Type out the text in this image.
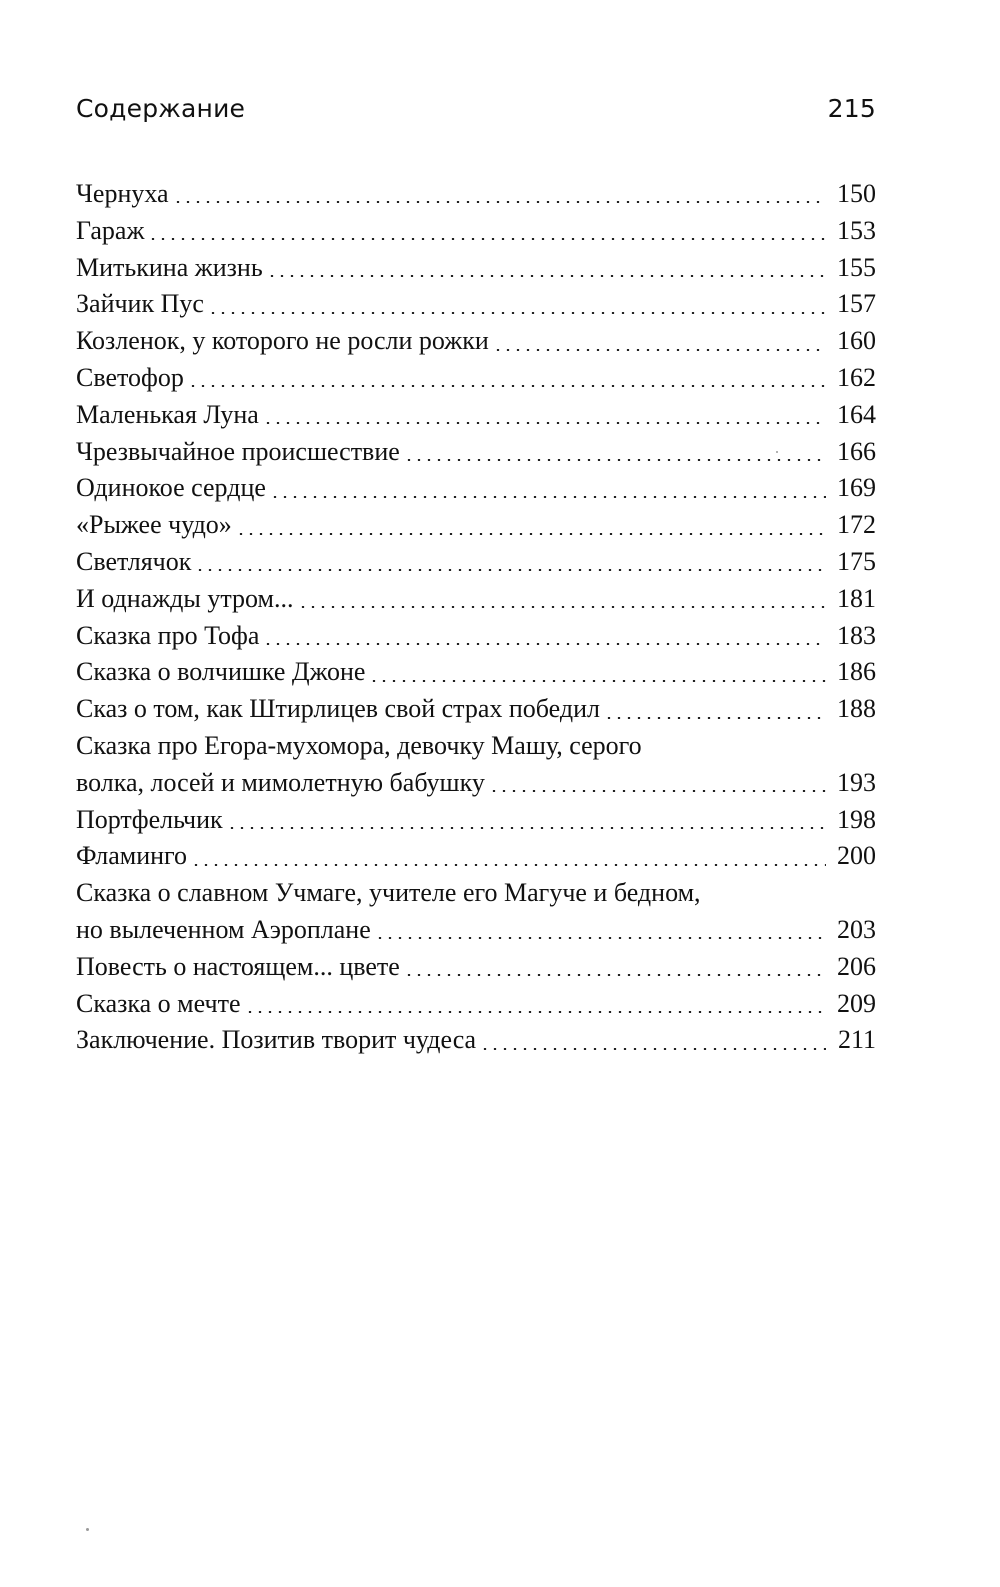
Содержание	215
Чернуха	150
Гараж	153
Митькина жизнь	155
Зайчик Пус	157
Козленок, у которого не росли рожки	160
Светофор	162
Маленькая Луна	164
Чрезвычайное происшествие	166
Одинокое сердце	169
«Рыжее чудо»	172
Светлячок	175
И однажды утром...	181
Сказка про Тофа	183
Сказка о волчишке Джоне	186
Сказ о том, как Штирлицев свой страх победил	188
Сказка про Егора-мухомора, девочку Машу, серого
волка, лосей и мимолетную бабушку	193
Портфельчик	198
Фламинго	200
Сказка о славном Учмаге, учителе его Магуче и бедном,
но вылеченном Аэроплане	203
Повесть о настоящем... цвете	206
Сказка о мечте	209
Заключение. Позитив творит чудеса	211
